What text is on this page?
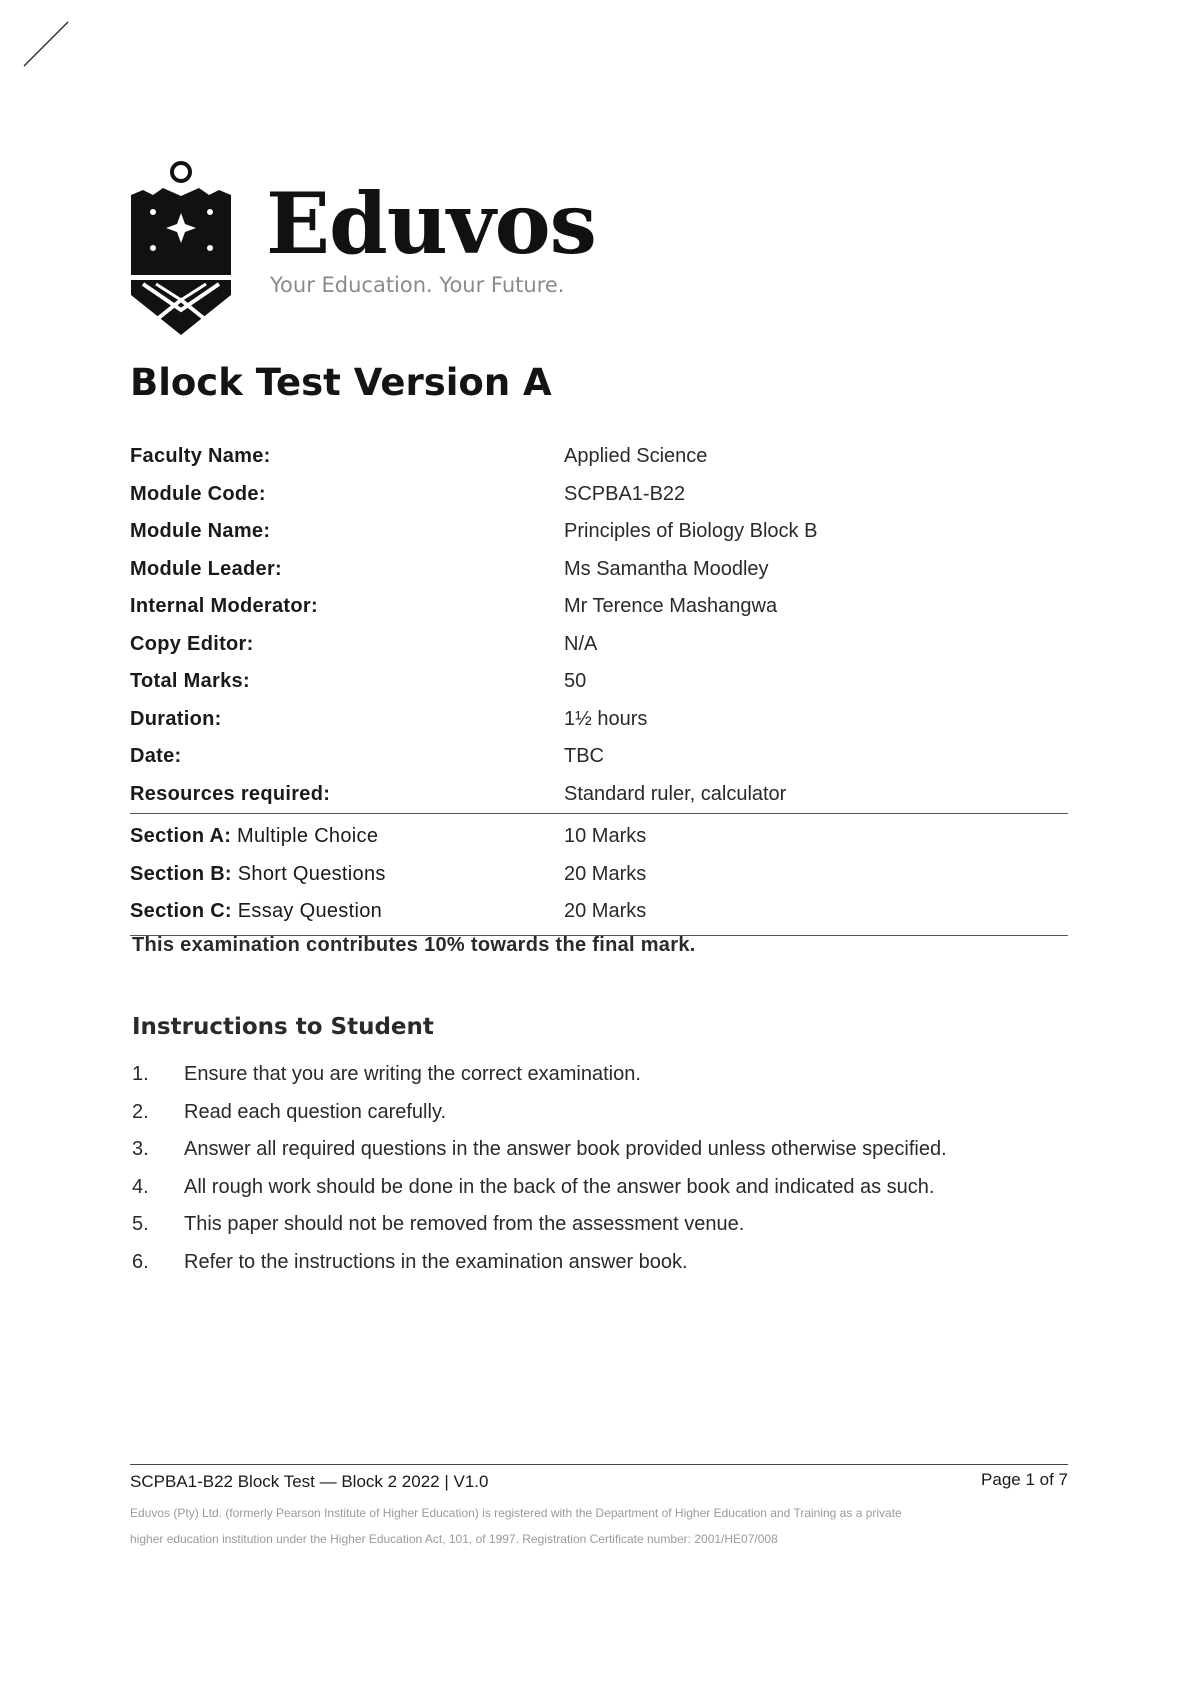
Eduvos
Your Education. Your Future.
Block Test Version A
Faculty Name:	Applied Science
Module Code:	SCPBA1-B22
Module Name:	Principles of Biology Block B
Module Leader:	Ms Samantha Moodley
Internal Moderator:	Mr Terence Mashangwa
Copy Editor:	N/A
Total Marks:	50
Duration:	1½ hours
Date:	TBC
Resources required:	Standard ruler, calculator
Section A: Multiple Choice	10 Marks
Section B: Short Questions	20 Marks
Section C: Essay Question	20 Marks
This examination contributes 10% towards the final mark.
Instructions to Student
1.	Ensure that you are writing the correct examination.
2.	Read each question carefully.
3.	Answer all required questions in the answer book provided unless otherwise specified.
4.	All rough work should be done in the back of the answer book and indicated as such.
5.	This paper should not be removed from the assessment venue.
6.	Refer to the instructions in the examination answer book.
SCPBA1-B22 Block Test — Block 2 2022 | V1.0	Page 1 of 7
Eduvos (Pty) Ltd. (formerly Pearson Institute of Higher Education) is registered with the Department of Higher Education and Training as a private
higher education institution under the Higher Education Act, 101, of 1997. Registration Certificate number: 2001/HE07/008
